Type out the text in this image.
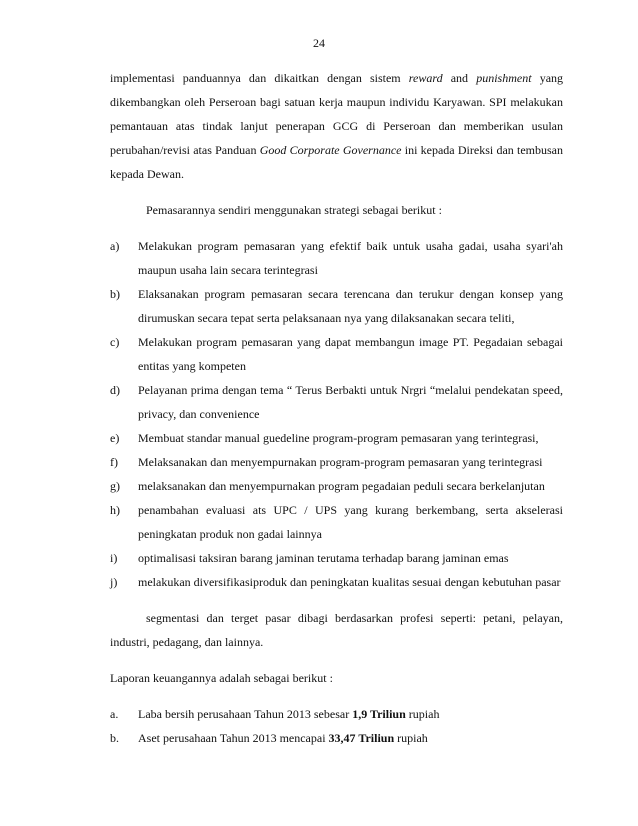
24

implementasi panduannya dan dikaitkan dengan sistem reward and punishment yang dikembangkan oleh Perseroan bagi satuan kerja maupun individu Karyawan. SPI melakukan pemantauan atas tindak lanjut penerapan GCG di Perseroan dan memberikan usulan perubahan/revisi atas Panduan Good Corporate Governance ini kepada Direksi dan tembusan kepada Dewan.

Pemasarannya sendiri menggunakan strategi sebagai berikut :

a) Melakukan program pemasaran yang efektif baik untuk usaha gadai, usaha syari'ah maupun usaha lain secara terintegrasi
b) Elaksanakan program pemasaran secara terencana dan terukur dengan konsep yang dirumuskan secara tepat serta pelaksanaan nya yang dilaksanakan secara teliti,
c) Melakukan program pemasaran yang dapat membangun image PT. Pegadaian sebagai entitas yang kompeten
d) Pelayanan prima dengan tema “ Terus Berbakti untuk Nrgri “melalui pendekatan speed, privacy, dan convenience
e) Membuat standar manual guedeline program-program pemasaran yang terintegrasi,
f) Melaksanakan dan menyempurnakan program-program pemasaran yang terintegrasi
g) melaksanakan dan menyempurnakan program pegadaian peduli secara berkelanjutan
h) penambahan evaluasi ats UPC / UPS yang kurang berkembang, serta akselerasi peningkatan produk non gadai lainnya
i) optimalisasi taksiran barang jaminan terutama terhadap barang jaminan emas
j) melakukan diversifikasiproduk dan peningkatan kualitas sesuai dengan kebutuhan pasar

segmentasi dan terget pasar dibagi berdasarkan profesi seperti: petani, pelayan, industri, pedagang, dan lainnya.

Laporan keuangannya adalah sebagai berikut :

a. Laba bersih perusahaan Tahun 2013 sebesar 1,9 Triliun rupiah
b. Aset perusahaan Tahun 2013 mencapai 33,47 Triliun rupiah
